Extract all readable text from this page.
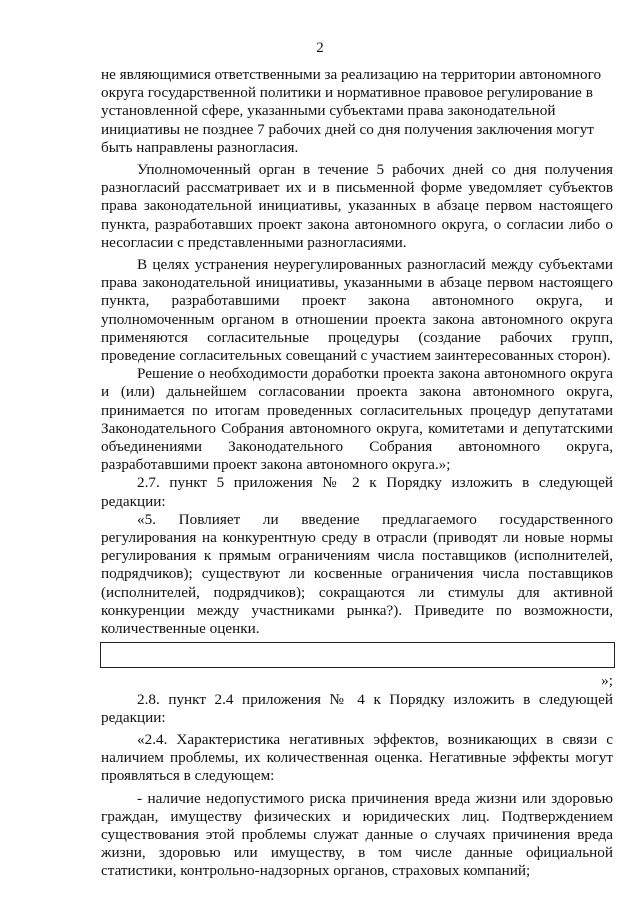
2

не являющимися ответственными за реализацию на территории автономного округа государственной политики и нормативное правовое регулирование в установленной сфере, указанными субъектами права законодательной инициативы не позднее 7 рабочих дней со дня получения заключения могут быть направлены разногласия.

Уполномоченный орган в течение 5 рабочих дней со дня получения разногласий рассматривает их и в письменной форме уведомляет субъектов права законодательной инициативы, указанных в абзаце первом настоящего пункта, разработавших проект закона автономного округа, о согласии либо о несогласии с представленными разногласиями.

В целях устранения неурегулированных разногласий между субъектами права законодательной инициативы, указанными в абзаце первом настоящего пункта, разработавшими проект закона автономного округа, и уполномоченным органом в отношении проекта закона автономного округа применяются согласительные процедуры (создание рабочих групп, проведение согласительных совещаний с участием заинтересованных сторон).

Решение о необходимости доработки проекта закона автономного округа и (или) дальнейшем согласовании проекта закона автономного округа, принимается по итогам проведенных согласительных процедур депутатами Законодательного Собрания автономного округа, комитетами и депутатскими объединениями Законодательного Собрания автономного округа, разработавшими проект закона автономного округа.»;

2.7. пункт 5 приложения № 2 к Порядку изложить в следующей редакции:

«5. Повлияет ли введение предлагаемого государственного регулирования на конкурентную среду в отрасли (приводят ли новые нормы регулирования к прямым ограничениям числа поставщиков (исполнителей, подрядчиков); существуют ли косвенные ограничения числа поставщиков (исполнителей, подрядчиков); сокращаются ли стимулы для активной конкуренции между участниками рынка?). Приведите по возможности, количественные оценки.

»;

2.8. пункт 2.4 приложения № 4 к Порядку изложить в следующей редакции:

«2.4. Характеристика негативных эффектов, возникающих в связи с наличием проблемы, их количественная оценка. Негативные эффекты могут проявляться в следующем:

- наличие недопустимого риска причинения вреда жизни или здоровью граждан, имуществу физических и юридических лиц. Подтверждением существования этой проблемы служат данные о случаях причинения вреда жизни, здоровью или имуществу, в том числе данные официальной статистики, контрольно-надзорных органов, страховых компаний;
